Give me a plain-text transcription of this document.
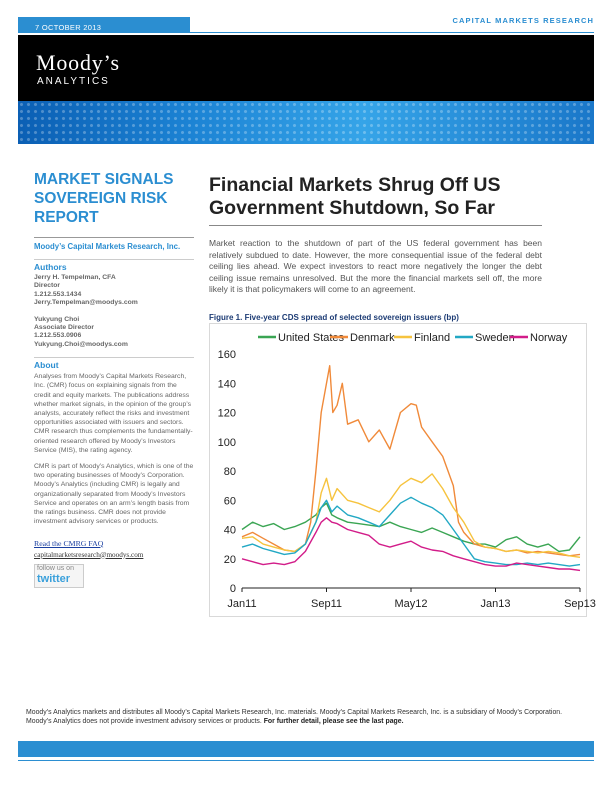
7 OCTOBER 2013
CAPITAL MARKETS RESEARCH
Moody’s
ANALYTICS
MARKET SIGNALS SOVEREIGN RISK REPORT
Moody’s Capital Markets Research, Inc.
Authors
Jerry H. Tempelman, CFA
Director
1.212.553.1434
Jerry.Tempelman@moodys.com
Yukyung Choi
Associate Director
1.212.553.0906
Yukyung.Choi@moodys.com
About

Analyses from Moody’s Capital Markets Research, Inc. (CMR) focus on explaining signals from the credit and equity markets. The publications address whether market signals, in the opinion of the group’s analysts, accurately reflect the risks and investment opportunities associated with issuers and sectors. CMR research thus complements the fundamentally-oriented research offered by Moody’s Investors Service (MIS), the rating agency.

CMR is part of Moody’s Analytics, which is one of the two operating businesses of Moody’s Corporation. Moody’s Analytics (including CMR) is legally and organizationally separated from Moody’s Investors Service and operates on an arm’s length basis from the ratings business. CMR does not provide investment advisory services or products.

Read the CMRG FAQ
capitalmarketsresearch@moodys.com
follow us on
twitter
Financial Markets Shrug Off US Government Shutdown, So Far

Market reaction to the shutdown of part of the US federal government has been relatively subdued to date. However, the more consequential issue of the federal debt ceiling lies ahead. We expect investors to react more negatively the longer the debt ceiling issue remains unresolved. But the more the financial markets sell off, the more likely it is that policymakers will come to an agreement.

Figure 1. Five-year CDS spread of selected sovereign issuers (bp)
0
20
40
60
80
100
120
140
160
Jan11	Sep11	May12	Jan13	Sep13
United States Denmark Finland Sweden Norway

Moody’s Analytics markets and distributes all Moody’s Capital Markets Research, Inc. materials. Moody’s Capital Markets Research, Inc. is a subsidiary of Moody’s Corporation. Moody’s Analytics does not provide investment advisory services or products. For further detail, please see the last page.
